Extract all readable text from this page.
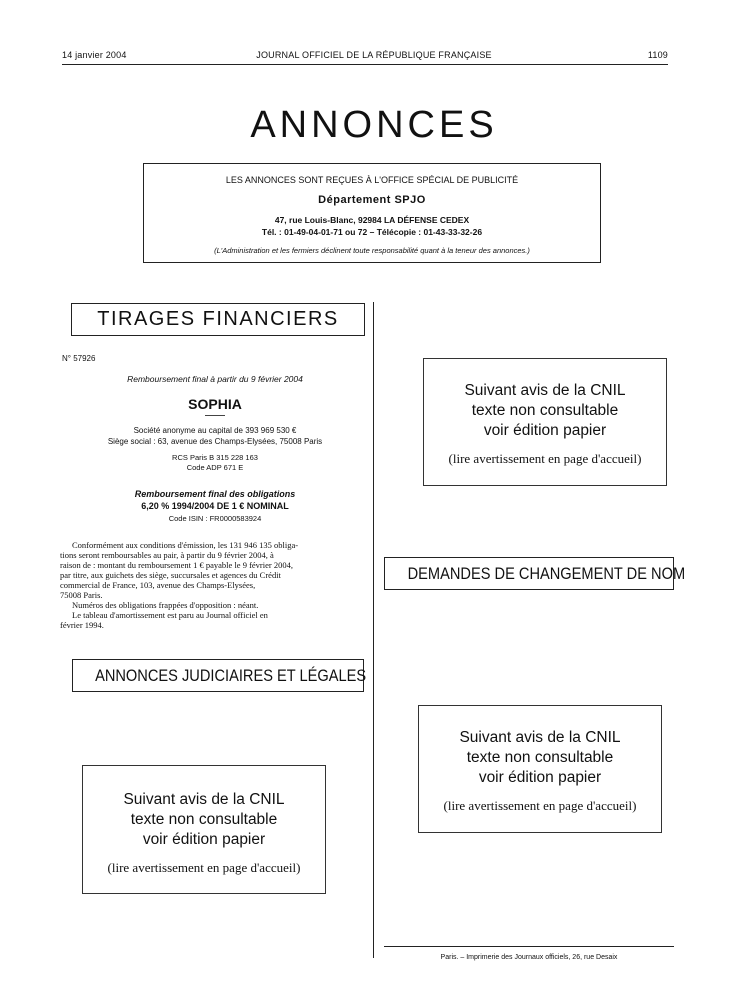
14 janvier 2004	JOURNAL OFFICIEL DE LA RÉPUBLIQUE FRANÇAISE	1109
ANNONCES
LES ANNONCES SONT REÇUES À L'OFFICE SPÉCIAL DE PUBLICITÉ
Département SPJO
47, rue Louis-Blanc, 92984 LA DÉFENSE CEDEX
Tél. : 01-49-04-01-71 ou 72 – Télécopie : 01-43-33-32-26
(L'Administration et les fermiers déclinent toute responsabilité quant à la teneur des annonces.)
TIRAGES FINANCIERS
N° 57926
Remboursement final à partir du 9 février 2004
SOPHIA
Société anonyme au capital de 393 969 530 €
Siège social : 63, avenue des Champs-Elysées, 75008 Paris
RCS Paris B 315 228 163
Code ADP 671 E
Remboursement final des obligations
6,20 % 1994/2004 DE 1 € NOMINAL
Code ISIN : FR0000583924
Conformément aux conditions d'émission, les 131 946 135 obliga-
tions seront remboursables au pair, à partir du 9 février 2004, à
raison de : montant du remboursement 1 € payable le 9 février 2004,
par titre, aux guichets des siège, succursales et agences du Crédit
commercial de France, 103, avenue des Champs-Elysées,
75008 Paris.
Numéros des obligations frappées d'opposition : néant.
Le tableau d'amortissement est paru au Journal officiel en
février 1994.
ANNONCES JUDICIAIRES ET LÉGALES
Suivant avis de la CNIL
texte non consultable
voir édition papier
(lire avertissement en page d'accueil)
Suivant avis de la CNIL
texte non consultable
voir édition papier
(lire avertissement en page d'accueil)
DEMANDES DE CHANGEMENT DE NOM
Suivant avis de la CNIL
texte non consultable
voir édition papier
(lire avertissement en page d'accueil)
Paris. – Imprimerie des Journaux officiels, 26, rue Desaix
